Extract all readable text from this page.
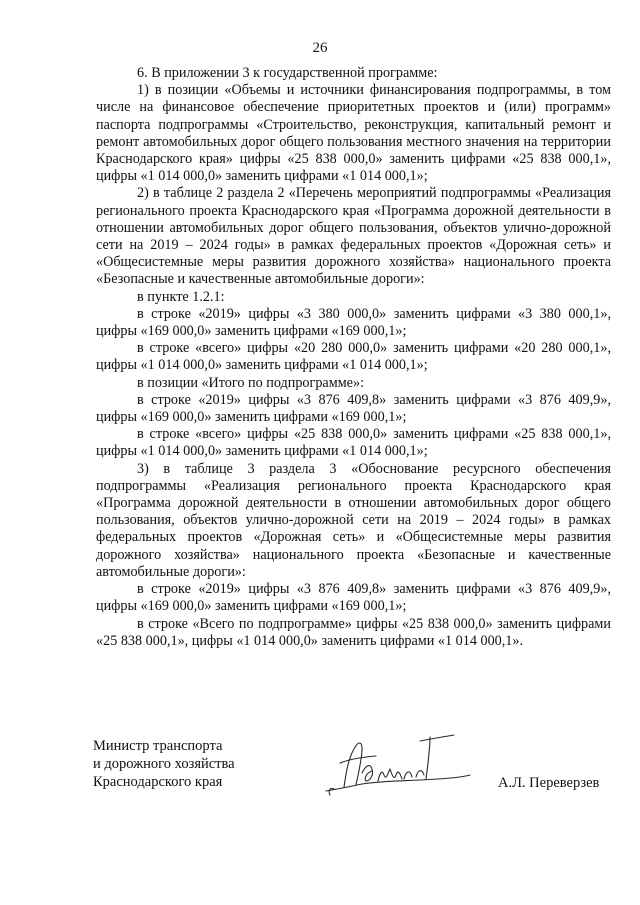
26

6. В приложении 3 к государственной программе:

1) в позиции «Объемы и источники финансирования подпрограммы, в том числе на финансовое обеспечение приоритетных проектов и (или) программ» паспорта подпрограммы «Строительство, реконструкция, капитальный ремонт и ремонт автомобильных дорог общего пользования местного значения на территории Краснодарского края» цифры «25 838 000,0» заменить цифрами «25 838 000,1», цифры «1 014 000,0» заменить цифрами «1 014 000,1»;

2) в таблице 2 раздела 2 «Перечень мероприятий подпрограммы «Реализация регионального проекта Краснодарского края «Программа дорожной деятельности в отношении автомобильных дорог общего пользования, объектов улично-дорожной сети на 2019 – 2024 годы» в рамках федеральных проектов «Дорожная сеть» и «Общесистемные меры развития дорожного хозяйства» национального проекта «Безопасные и качественные автомобильные дороги»:

в пункте 1.2.1:

в строке «2019» цифры «3 380 000,0» заменить цифрами «3 380 000,1», цифры «169 000,0» заменить цифрами «169 000,1»;

в строке «всего» цифры «20 280 000,0» заменить цифрами «20 280 000,1», цифры «1 014 000,0» заменить цифрами «1 014 000,1»;

в позиции «Итого по подпрограмме»:

в строке «2019» цифры «3 876 409,8» заменить цифрами «3 876 409,9», цифры «169 000,0» заменить цифрами «169 000,1»;

в строке «всего» цифры «25 838 000,0» заменить цифрами «25 838 000,1», цифры «1 014 000,0» заменить цифрами «1 014 000,1»;

3) в таблице 3 раздела 3 «Обоснование ресурсного обеспечения подпрограммы «Реализация регионального проекта Краснодарского края «Программа дорожной деятельности в отношении автомобильных дорог общего пользования, объектов улично-дорожной сети на 2019 – 2024 годы» в рамках федеральных проектов «Дорожная сеть» и «Общесистемные меры развития дорожного хозяйства» национального проекта «Безопасные и качественные автомобильные дороги»:

в строке «2019» цифры «3 876 409,8» заменить цифрами «3 876 409,9», цифры «169 000,0» заменить цифрами «169 000,1»;

в строке «Всего по подпрограмме» цифры «25 838 000,0» заменить цифрами «25 838 000,1», цифры «1 014 000,0» заменить цифрами «1 014 000,1».

Министр транспорта
и дорожного хозяйства
Краснодарского края	А.Л. Переверзев
